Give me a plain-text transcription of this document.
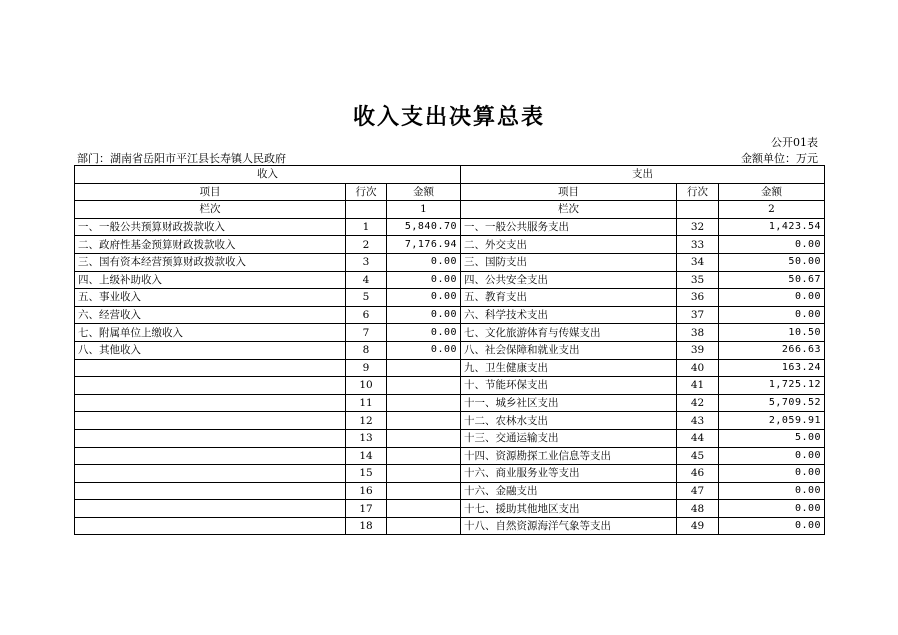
收入支出决算总表
公开01表
部门：湖南省岳阳市平江县长寿镇人民政府	金额单位：万元
收入			支出		
项目	行次	金额	项目	行次	金额
栏次		1	栏次		2
一、一般公共预算财政拨款收入	1	5,840.70	一、一般公共服务支出	32	1,423.54
二、政府性基金预算财政拨款收入	2	7,176.94	二、外交支出	33	0.00
三、国有资本经营预算财政拨款收入	3	0.00	三、国防支出	34	50.00
四、上级补助收入	4	0.00	四、公共安全支出	35	50.67
五、事业收入	5	0.00	五、教育支出	36	0.00
六、经营收入	6	0.00	六、科学技术支出	37	0.00
七、附属单位上缴收入	7	0.00	七、文化旅游体育与传媒支出	38	10.50
八、其他收入	8	0.00	八、社会保障和就业支出	39	266.63
	9		九、卫生健康支出	40	163.24
	10		十、节能环保支出	41	1,725.12
	11		十一、城乡社区支出	42	5,709.52
	12		十二、农林水支出	43	2,059.91
	13		十三、交通运输支出	44	5.00
	14		十四、资源勘探工业信息等支出	45	0.00
	15		十六、商业服务业等支出	46	0.00
	16		十六、金融支出	47	0.00
	17		十七、援助其他地区支出	48	0.00
	18		十八、自然资源海洋气象等支出	49	0.00
